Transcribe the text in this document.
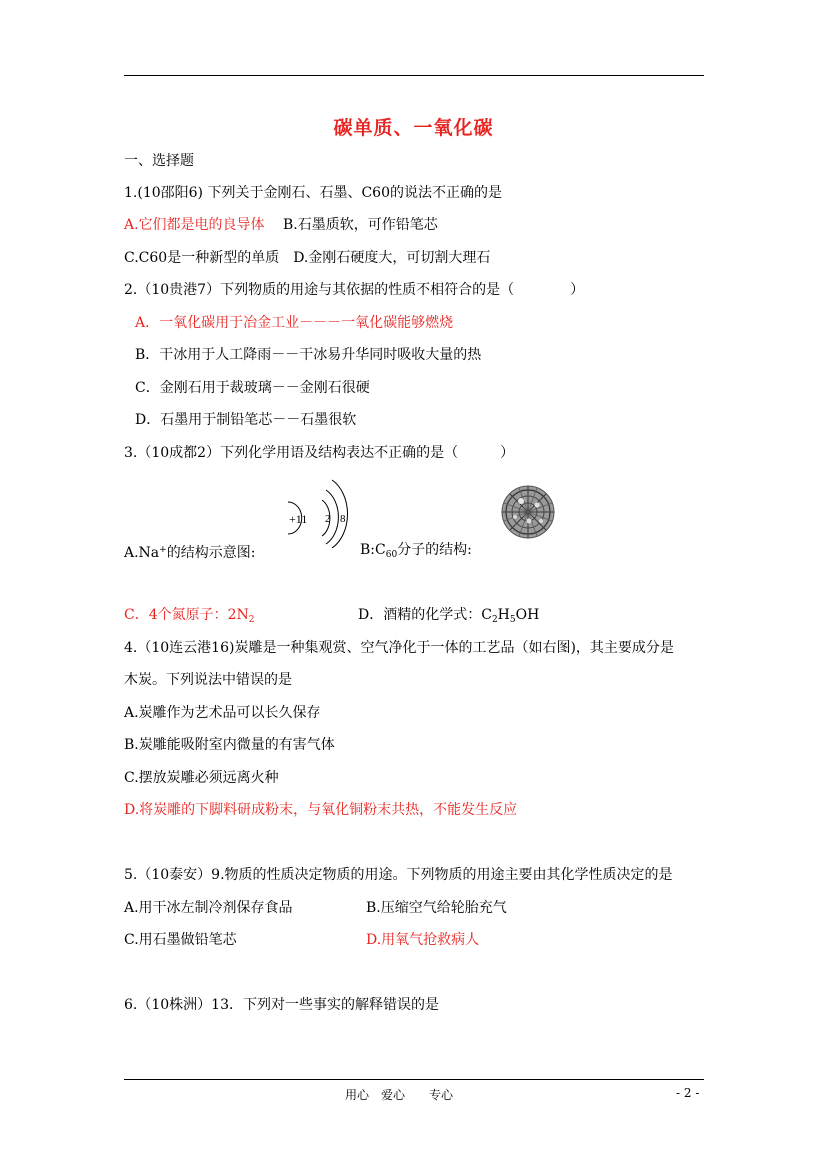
碳单质、一氧化碳
一、选择题
1.(10邵阳6) 下列关于金刚石、石墨、C60的说法不正确的是
A.它们都是电的良导体　 B.石墨质软，可作铅笔芯
C.C60是一种新型的单质　 D.金刚石硬度大，可切割大理石
2.（10贵港7）下列物质的用途与其依据的性质不相符合的是（　　　　）
A．一氧化碳用于冶金工业－－－一氧化碳能够燃烧
B．干冰用于人工降雨－－干冰易升华同时吸收大量的热
C．金刚石用于裁玻璃－－金刚石很硬
D．石墨用于制铅笔芯－－石墨很软
3.（10成都2）下列化学用语及结构表达不正确的是（　　　）
+11 2 8
A.Na+的结构示意图:	$B:C_{60}$分子的结构:
C．4个氮原子：$2N_2$	D．酒精的化学式：$C_2H_5OH$
4.（10连云港16)炭雕是一种集观赏、空气净化于一体的工艺品（如右图)，其主要成分是
木炭。下列说法中错误的是
A.炭雕作为艺术品可以长久保存
B.炭雕能吸附室内微量的有害气体
C.摆放炭雕必须远离火种
D.将炭雕的下脚料研成粉末，与氧化铜粉末共热，不能发生反应
5.（10泰安）9.物质的性质决定物质的用途。下列物质的用途主要由其化学性质决定的是
A.用干冰左制冷剂保存食品	B.压缩空气给轮胎充气
C.用石墨做铅笔芯	D.用氧气抢救病人
6.（10株洲）13．下列对一些事实的解释错误的是
用心　爱心　　专心	- 2 -
